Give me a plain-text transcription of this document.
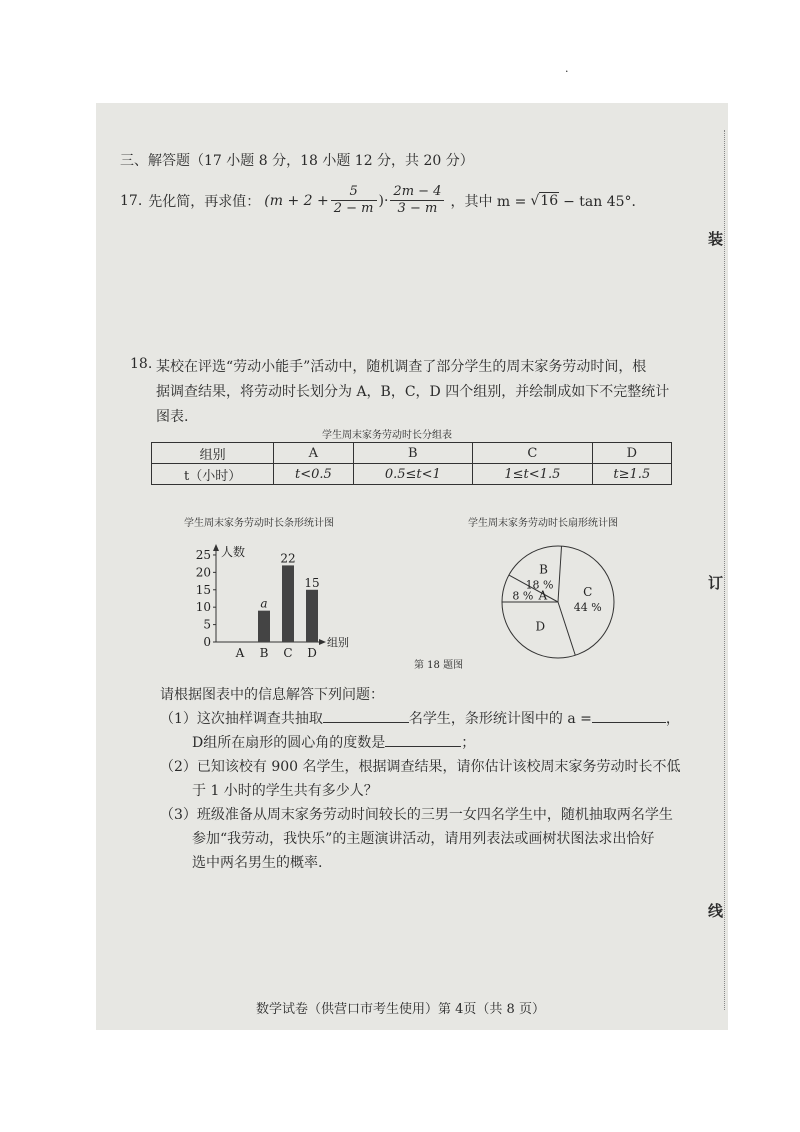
.
三、解答题（17 小题 8 分，18 小题 12 分，共 20 分）
17. 先化简，再求值： ($m + 2 + \frac{5}{2 - m}$ )· $\frac{2m - 4}{3 - m}$ ，其中 m = √ 16 − tan 45°．
18. 某校在评选“劳动小能手”活动中，随机调查了部分学生的周末家务劳动时间，根
据调查结果，将劳动时长划分为 A，B，C，D 四个组别，并绘制成如下不完整统计
图表.
学生周末家务劳动时长分组表
组别	A	B	C	D
t（小时）	t<0.5	0.5≤t<1	1≤t<1.5	t≥1.5
学生周末家务劳动时长条形统计图
0
5
10
15
20
25 人数
组别
A B
a
C
22
D
15
学生周末家务劳动时长扇形统计图
D
A
8 %
B
18 %
C
44 %
第 18 题图
请根据图表中的信息解答下列问题：
（1）这次抽样调查共抽取	名学生，条形统计图中的 a =	，
D组所在扇形的圆心角的度数是	；
（2）已知该校有 900 名学生，根据调查结果，请你估计该校周末家务劳动时长不低
于 1 小时的学生共有多少人？
（3）班级准备从周末家务劳动时间较长的三男一女四名学生中，随机抽取两名学生
参加“我劳动，我快乐”的主题演讲活动，请用列表法或画树状图法求出恰好
选中两名男生的概率.
数学试卷（供营口市考生使用）第 4页（共 8 页）
装
订
线
